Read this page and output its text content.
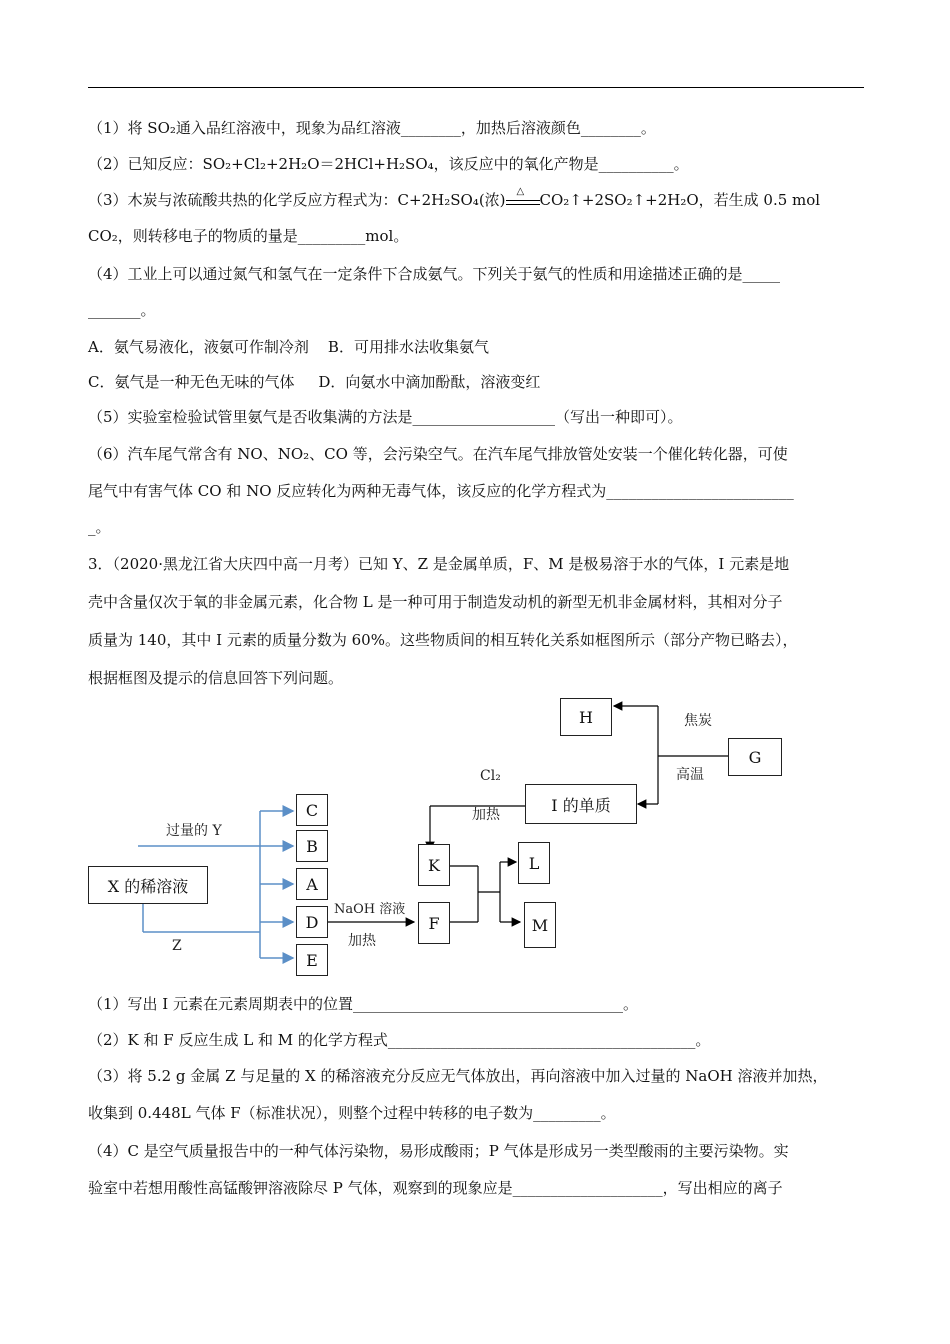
（1）将 SO₂通入品红溶液中，现象为品红溶液________，加热后溶液颜色________。
（2）已知反应：SO₂+Cl₂+2H₂O＝2HCl+H₂SO₄，该反应中的氧化产物是__________。
（3）木炭与浓硫酸共热的化学反应方程式为：C+2H₂SO₄(浓) △ CO₂↑+2SO₂↑+2H₂O，若生成 0.5 mol
CO₂，则转移电子的物质的量是_________mol。
（4）工业上可以通过氮气和氢气在一定条件下合成氨气。下列关于氨气的性质和用途描述正确的是_____
_______。
A．氨气易液化，液氨可作制冷剂 B．可用排水法收集氨气
C．氨气是一种无色无味的气体 D．向氨水中滴加酚酞，溶液变红
（5）实验室检验试管里氨气是否收集满的方法是___________________（写出一种即可）。
（6）汽车尾气常含有 NO、NO₂、CO 等，会污染空气。在汽车尾气排放管处安装一个催化转化器，可使
尾气中有害气体 CO 和 NO 反应转化为两种无毒气体，该反应的化学方程式为_________________________
_。
3．（2020·黑龙江省大庆四中高一月考）已知 Y、Z 是金属单质，F、M 是极易溶于水的气体，I 元素是地
壳中含量仅次于氧的非金属元素，化合物 L 是一种可用于制造发动机的新型无机非金属材料，其相对分子
质量为 140，其中 I 元素的质量分数为 60%。这些物质间的相互转化关系如框图所示（部分产物已略去），
根据框图及提示的信息回答下列问题。
H
G
I 的单质
C
B
A
D
E
X 的稀溶液
K
F
L
M
焦炭
高温
Cl₂
加热
过量的 Y
Z
NaOH 溶液
加热
（1）写出 I 元素在元素周期表中的位置____________________________________。
（2）K 和 F 反应生成 L 和 M 的化学方程式_________________________________________。
（3）将 5.2 g 金属 Z 与足量的 X 的稀溶液充分反应无气体放出，再向溶液中加入过量的 NaOH 溶液并加热，
收集到 0.448L 气体 F（标准状况），则整个过程中转移的电子数为_________。
（4）C 是空气质量报告中的一种气体污染物，易形成酸雨；P 气体是形成另一类型酸雨的主要污染物。实
验室中若想用酸性高锰酸钾溶液除尽 P 气体，观察到的现象应是____________________，写出相应的离子
